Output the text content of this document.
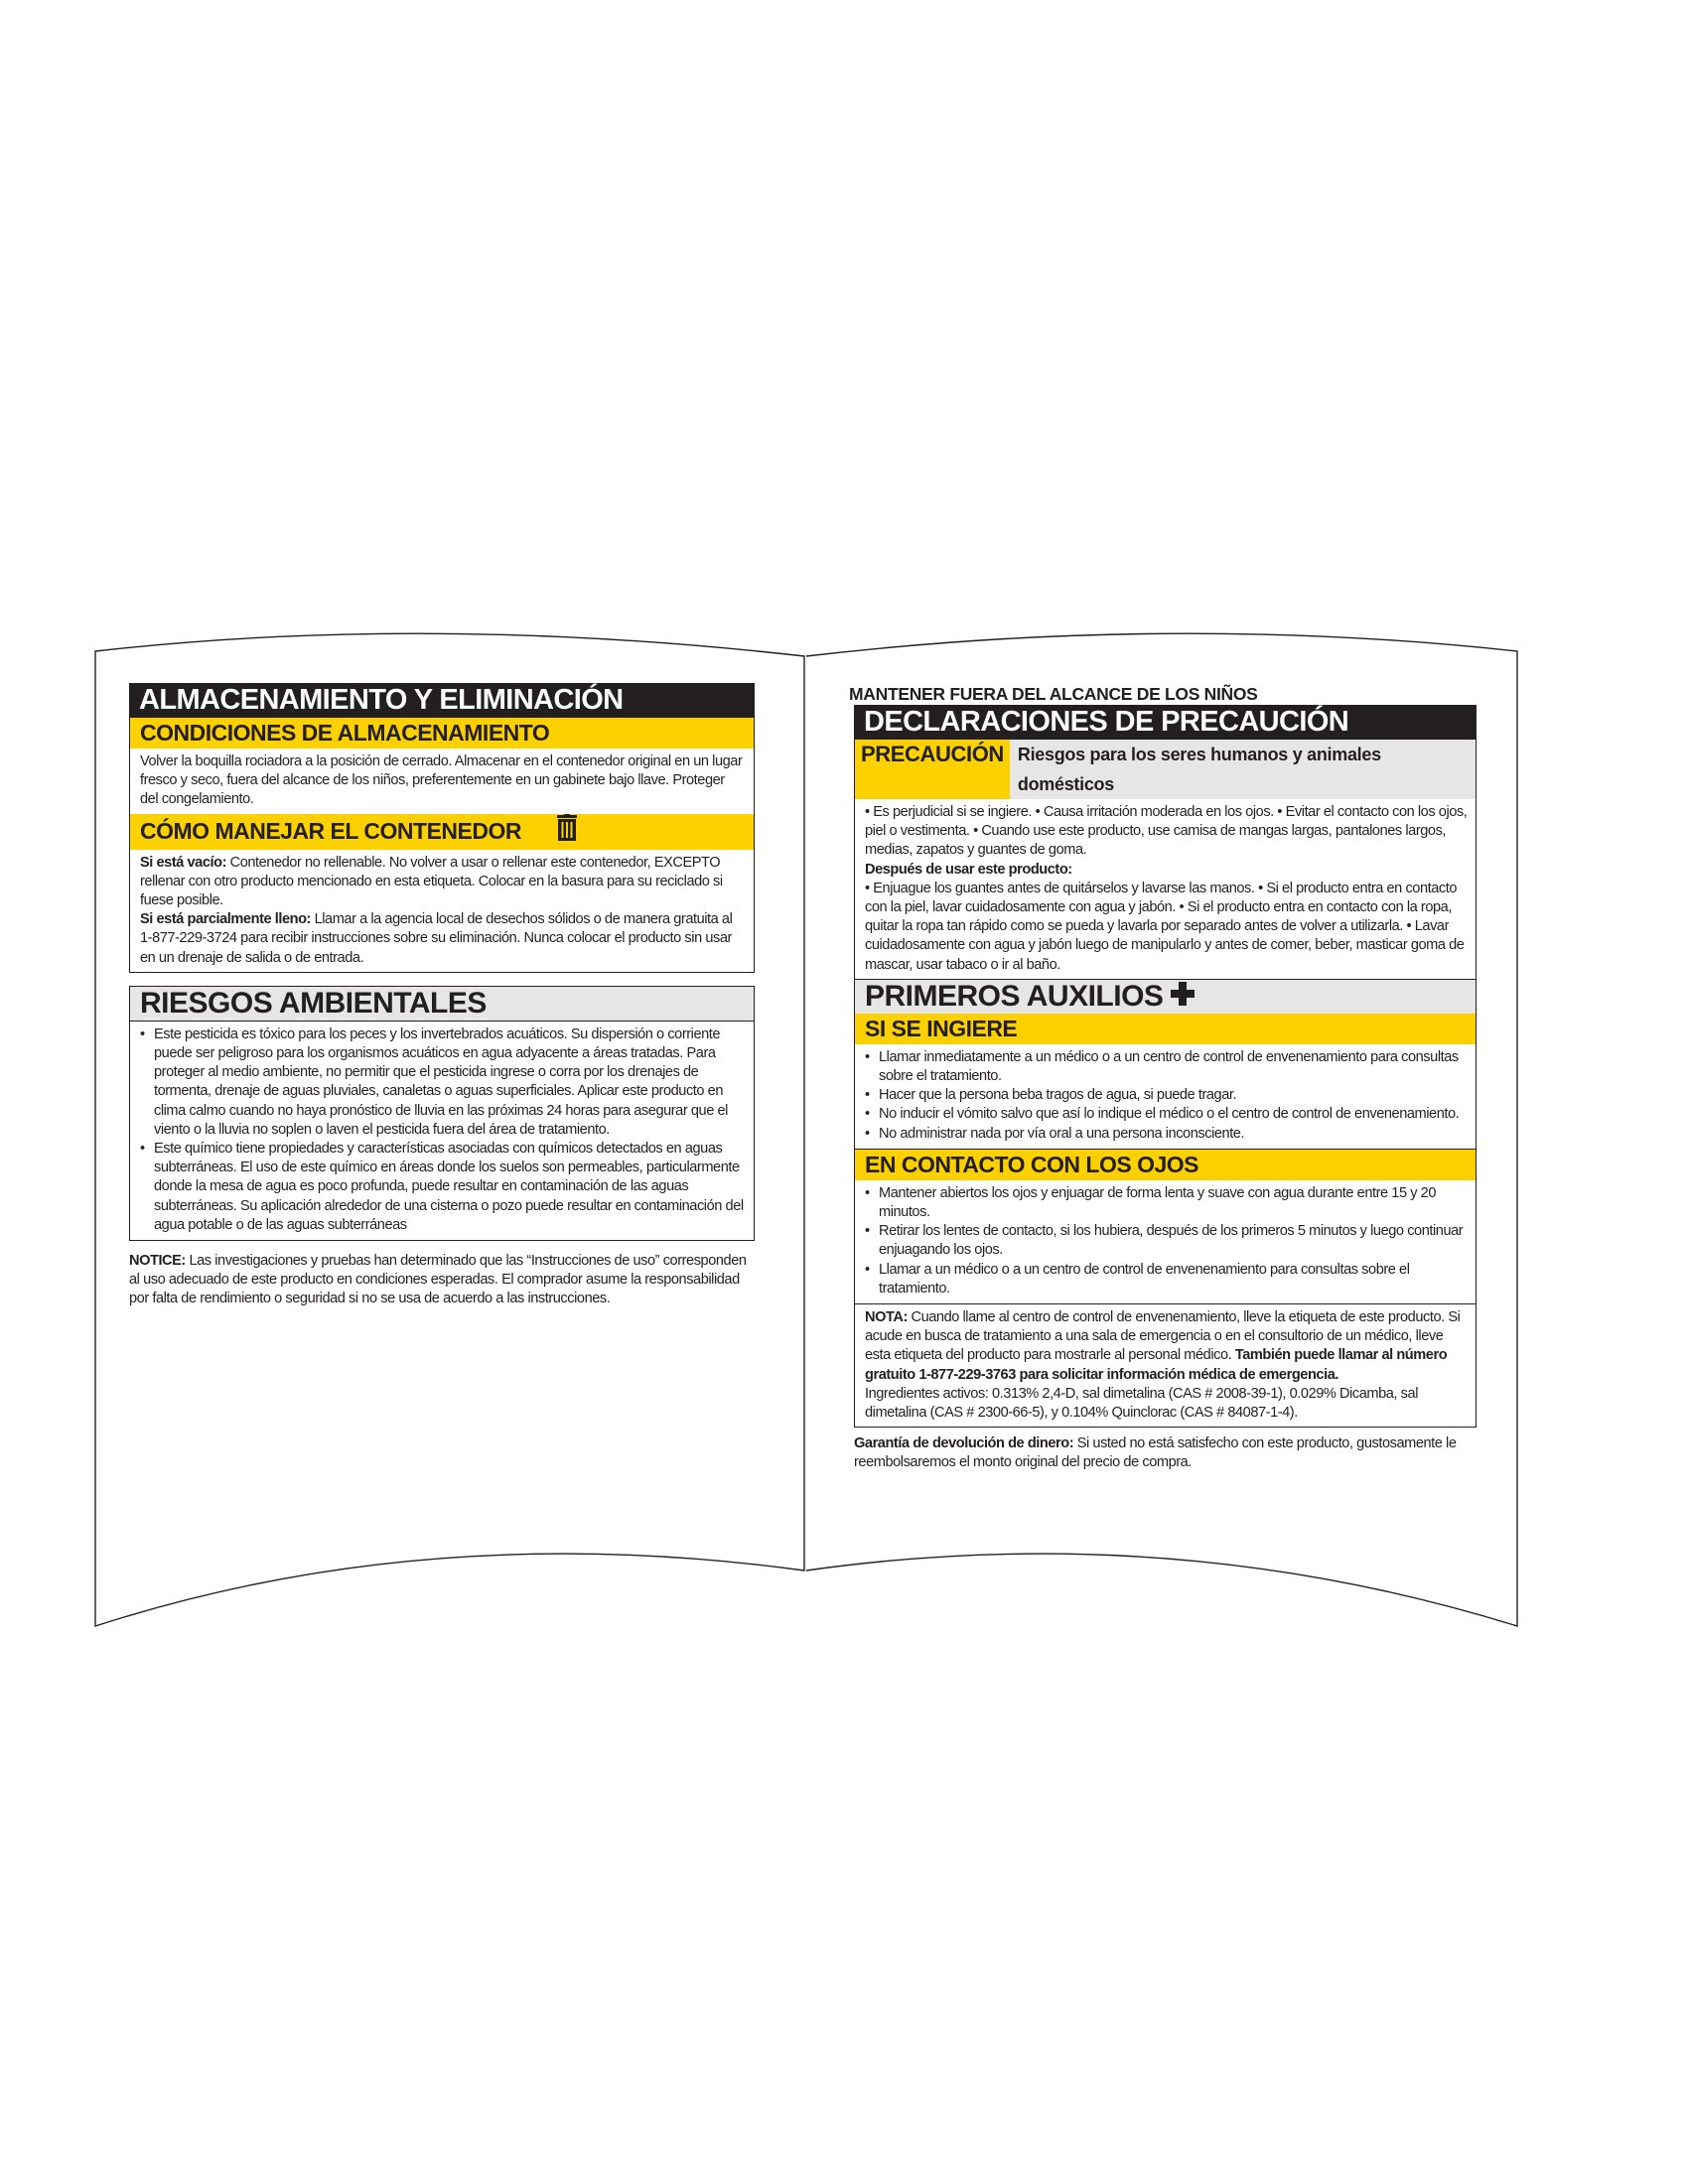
ALMACENAMIENTO Y ELIMINACIÓN
CONDICIONES DE ALMACENAMIENTO

Volver la boquilla rociadora a la posición de cerrado. Almacenar en el contenedor original en un lugar fresco y seco, fuera del alcance de los niños, preferentemente en un gabinete bajo llave. Proteger del congelamiento.

CÓMO MANEJAR EL CONTENEDOR

Si está vacío: Contenedor no rellenable. No volver a usar o rellenar este contenedor, EXCEPTO rellenar con otro producto mencionado en esta etiqueta. Colocar en la basura para su reciclado si fuese posible.

Si está parcialmente lleno: Llamar a la agencia local de desechos sólidos o de manera gratuita al 1-877-229-3724 para recibir instrucciones sobre su eliminación. Nunca colocar el producto sin usar en un drenaje de salida o de entrada.

RIESGOS AMBIENTALES
• Este pesticida es tóxico para los peces y los invertebrados acuáticos. Su dispersión o corriente puede ser peligroso para los organismos acuáticos en agua adyacente a áreas tratadas. Para proteger al medio ambiente, no permitir que el pesticida ingrese o corra por los drenajes de tormenta, drenaje de aguas pluviales, canaletas o aguas superficiales. Aplicar este producto en clima calmo cuando no haya pronóstico de lluvia en las próximas 24 horas para asegurar que el viento o la lluvia no soplen o laven el pesticida fuera del área de tratamiento.
• Este químico tiene propiedades y características asociadas con químicos detectados en aguas subterráneas. El uso de este químico en áreas donde los suelos son permeables, particularmente donde la mesa de agua es poco profunda, puede resultar en contaminación de las aguas subterráneas. Su aplicación alrededor de una cisterna o pozo puede resultar en contaminación del agua potable o de las aguas subterráneas

NOTICE: Las investigaciones y pruebas han determinado que las “Instrucciones de uso” corresponden al uso adecuado de este producto en condiciones esperadas. El comprador asume la responsabilidad por falta de rendimiento o seguridad si no se usa de acuerdo a las instrucciones.

MANTENER FUERA DEL ALCANCE DE LOS NIÑOS
DECLARACIONES DE PRECAUCIÓN
PRECAUCIÓN Riesgos para los seres humanos y animales domésticos

• Es perjudicial si se ingiere. • Causa irritación moderada en los ojos. • Evitar el contacto con los ojos, piel o vestimenta. • Cuando use este producto, use camisa de mangas largas, pantalones largos, medias, zapatos y guantes de goma.

Después de usar este producto:

• Enjuague los guantes antes de quitárselos y lavarse las manos. • Si el producto entra en contacto con la piel, lavar cuidadosamente con agua y jabón. • Si el producto entra en contacto con la ropa, quitar la ropa tan rápido como se pueda y lavarla por separado antes de volver a utilizarla. • Lavar cuidadosamente con agua y jabón luego de manipularlo y antes de comer, beber, masticar goma de mascar, usar tabaco o ir al baño.

PRIMEROS AUXILIOS
SI SE INGIERE
• Llamar inmediatamente a un médico o a un centro de control de envenenamiento para consultas sobre el tratamiento.
• Hacer que la persona beba tragos de agua, si puede tragar.
• No inducir el vómito salvo que así lo indique el médico o el centro de control de envenenamiento.
• No administrar nada por vía oral a una persona inconsciente.
EN CONTACTO CON LOS OJOS
• Mantener abiertos los ojos y enjuagar de forma lenta y suave con agua durante entre 15 y 20 minutos.
• Retirar los lentes de contacto, si los hubiera, después de los primeros 5 minutos y luego continuar enjuagando los ojos.
• Llamar a un médico o a un centro de control de envenenamiento para consultas sobre el tratamiento.

NOTA: Cuando llame al centro de control de envenenamiento, lleve la etiqueta de este producto. Si acude en busca de tratamiento a una sala de emergencia o en el consultorio de un médico, lleve esta etiqueta del producto para mostrarle al personal médico. También puede llamar al número gratuito 1-877-229-3763 para solicitar información médica de emergencia.

Ingredientes activos: 0.313% 2,4-D, sal dimetalina (CAS # 2008-39-1), 0.029% Dicamba, sal dimetalina (CAS # 2300-66-5), y 0.104% Quinclorac (CAS # 84087-1-4).

Garantía de devolución de dinero: Si usted no está satisfecho con este producto, gustosamente le reembolsaremos el monto original del precio de compra.
